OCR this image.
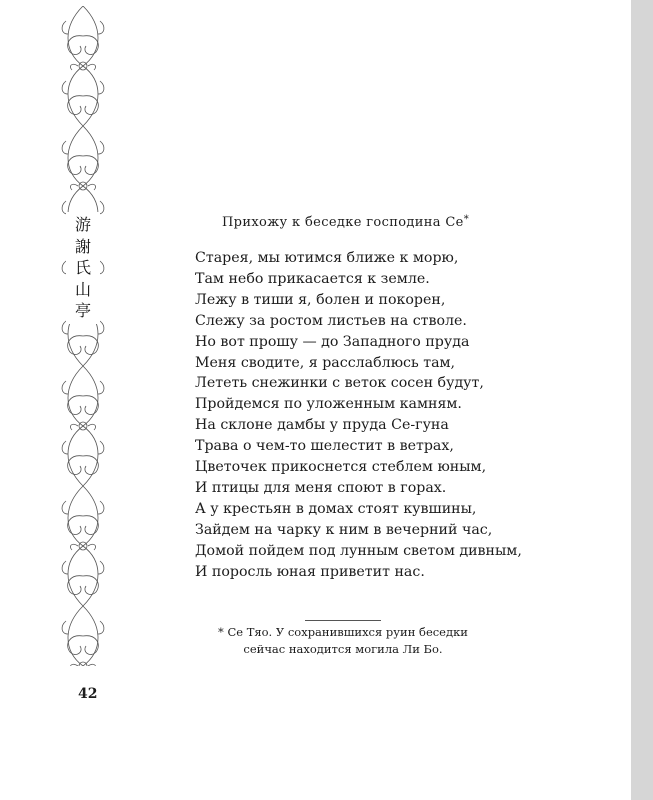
游
謝
氏
山
亭
Прихожу к беседке господина Се*
Старея, мы ютимся ближе к морю,
Там небо прикасается к земле.
Лежу в тиши я, болен и покорен,
Слежу за ростом листьев на стволе.
Но вот прошу — до Западного пруда
Меня сводите, я расслаблюсь там,
Лететь снежинки с веток сосен будут,
Пройдемся по уложенным камням.
На склоне дамбы у пруда Се-гуна
Трава о чем-то шелестит в ветрах,
Цветочек прикоснется стеблем юным,
И птицы для меня споют в горах.
А у крестьян в домах стоят кувшины,
Зайдем на чарку к ним в вечерний час,
Домой пойдем под лунным светом дивным,
И поросль юная приветит нас.
* Се Тяо. У сохранившихся руин беседки
сейчас находится могила Ли Бо.
42
